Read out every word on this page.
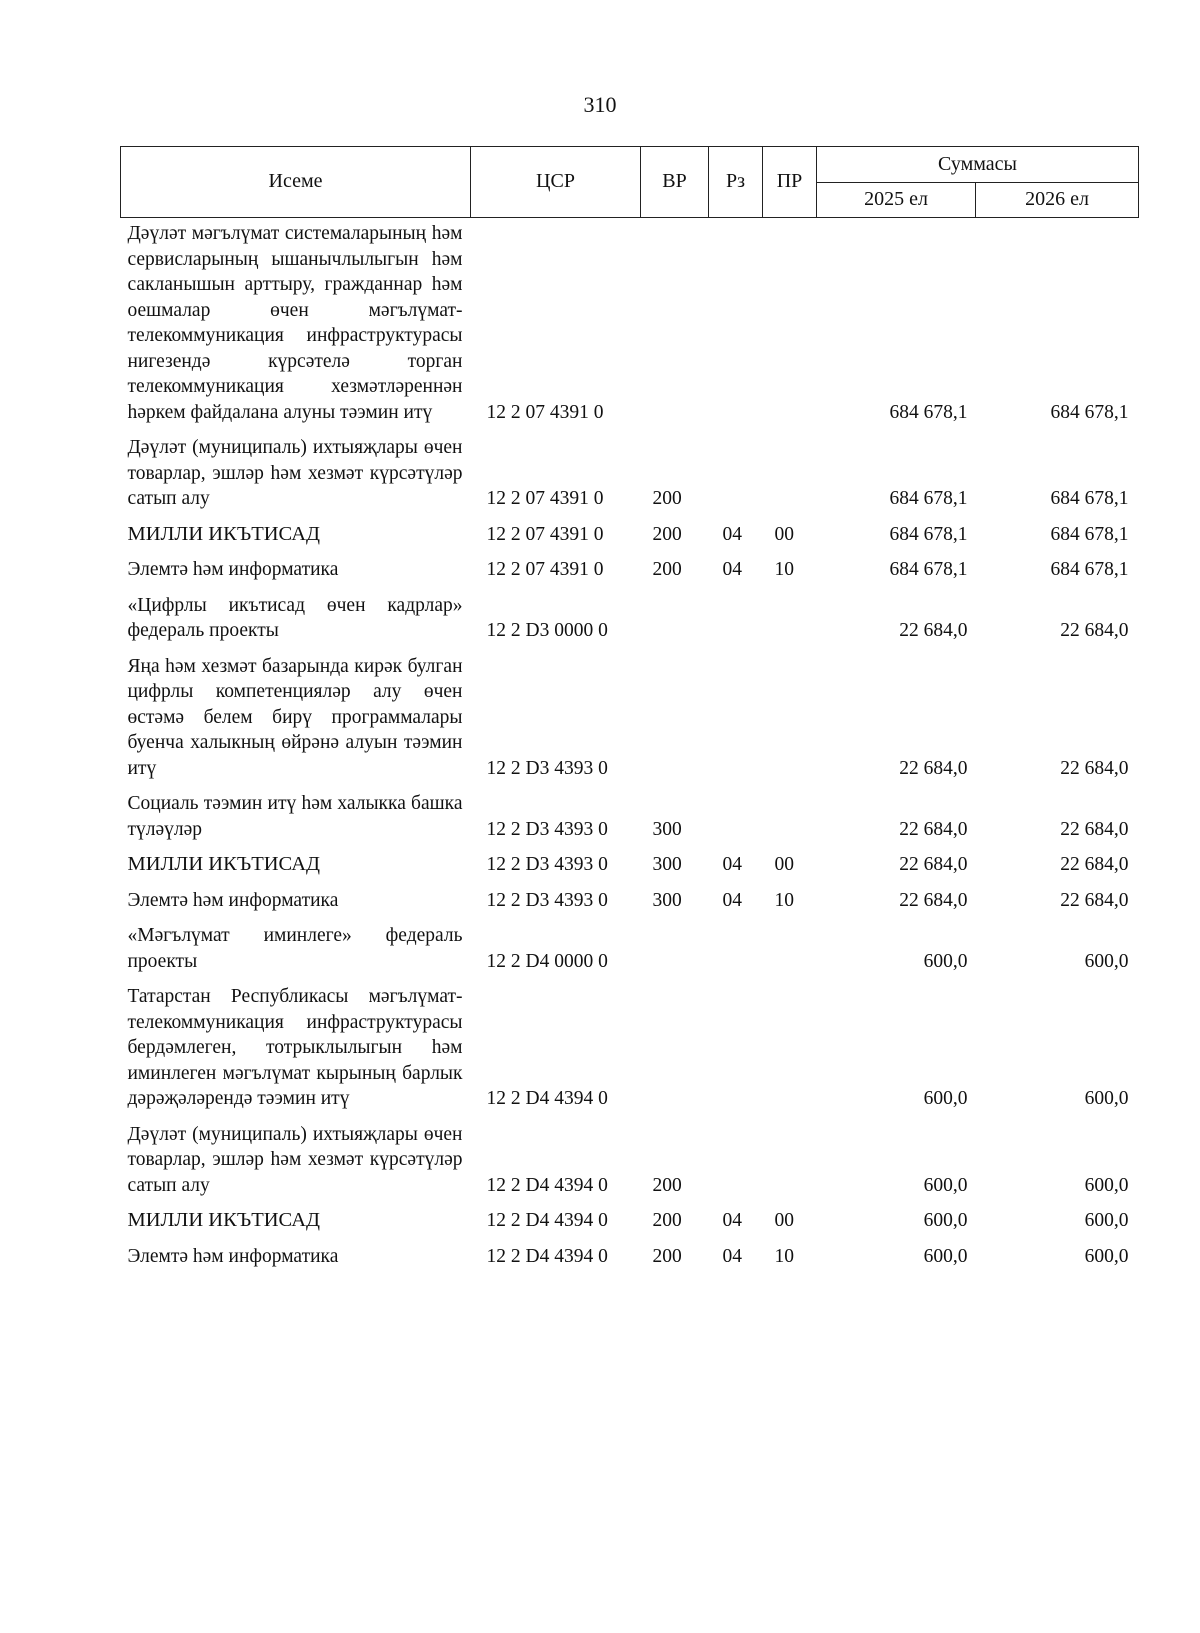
310
Исеме	ЦСР	ВР	Рз	ПР	Суммасы	
					2025 ел	2026 ел
Дәүләт мәгълүмат системаларының һәм сервисларының ышанычлылыгын һәм сакланышын арттыру, гражданнар һәм оешмалар өчен мәгълүмат-телекоммуникация инфраструктурасы нигезендә күрсәтелә торган телекоммуникация хезмәтләреннән һәркем файдалана алуны тәэмин итү	12 2 07 4391 0				684 678,1	684 678,1
Дәүләт (муниципаль) ихтыяҗлары өчен товарлар, эшләр һәм хезмәт күрсәтүләр сатып алу	12 2 07 4391 0	200			684 678,1	684 678,1
МИЛЛИ ИКЪТИСАД	12 2 07 4391 0	200	04	00	684 678,1	684 678,1
Элемтә һәм информатика	12 2 07 4391 0	200	04	10	684 678,1	684 678,1
«Цифрлы икътисад өчен кадрлар» федераль проекты	12 2 D3 0000 0				22 684,0	22 684,0
Яңа һәм хезмәт базарында кирәк булган цифрлы компетенцияләр алу өчен өстәмә белем бирү программалары буенча халыкның өйрәнә алуын тәэмин итү	12 2 D3 4393 0				22 684,0	22 684,0
Социаль тәэмин итү һәм халыкка башка түләүләр	12 2 D3 4393 0	300			22 684,0	22 684,0
МИЛЛИ ИКЪТИСАД	12 2 D3 4393 0	300	04	00	22 684,0	22 684,0
Элемтә һәм информатика	12 2 D3 4393 0	300	04	10	22 684,0	22 684,0
«Мәгълүмат иминлеге» федераль проекты	12 2 D4 0000 0				600,0	600,0
Татарстан Республикасы мәгълүмат-телекоммуникация инфраструктурасы бердәмлеген, тотрыклылыгын һәм иминлеген мәгълүмат кырының барлык дәрәҗәләрендә тәэмин итү	12 2 D4 4394 0				600,0	600,0
Дәүләт (муниципаль) ихтыяҗлары өчен товарлар, эшләр һәм хезмәт күрсәтүләр сатып алу	12 2 D4 4394 0	200			600,0	600,0
МИЛЛИ ИКЪТИСАД	12 2 D4 4394 0	200	04	00	600,0	600,0
Элемтә һәм информатика	12 2 D4 4394 0	200	04	10	600,0	600,0
